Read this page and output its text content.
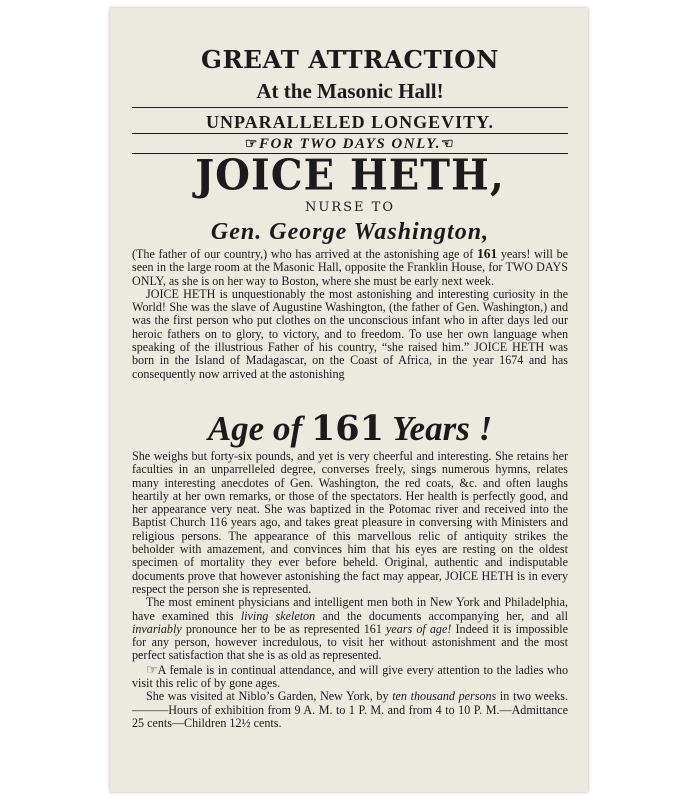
GREAT ATTRACTION
At the Masonic Hall!
UNPARALLELED LONGEVITY.
☞FOR TWO DAYS ONLY.☜
JOICE HETH,
NURSE TO
Gen. George Washington,

(The father of our country,) who has arrived at the astonishing age of 161 years! will be seen in the large room at the Masonic Hall, opposite the Franklin House, for TWO DAYS ONLY, as she is on her way to Boston, where she must be early next week.

JOICE HETH is unquestionably the most astonishing and interesting curiosity in the World! She was the slave of Augustine Washington, (the father of Gen. Washington,) and was the first person who put clothes on the unconscious infant who in after days led our heroic fathers on to glory, to victory, and to freedom. To use her own language when speaking of the illustrious Father of his country, “she raised him.” JOICE HETH was born in the Island of Madagascar, on the Coast of Africa, in the year 1674 and has consequently now arrived at the astonishing

Age of 161 Years !

She weighs but forty-six pounds, and yet is very cheerful and interesting. She retains her faculties in an unparrelleled degree, converses freely, sings numerous hymns, relates many interesting anecdotes of Gen. Washington, the red coats, &c. and often laughs heartily at her own remarks, or those of the spectators. Her health is perfectly good, and her appearance very neat. She was baptized in the Potomac river and received into the Baptist Church 116 years ago, and takes great pleasure in conversing with Ministers and religious persons. The appearance of this marvellous relic of antiquity strikes the beholder with amazement, and convinces him that his eyes are resting on the oldest specimen of mortality they ever before beheld. Original, authentic and indisputable documents prove that however astonishing the fact may appear, JOICE HETH is in every respect the person she is represented.

The most eminent physicians and intelligent men both in New York and Philadelphia, have examined this living skeleton and the documents accompanying her, and all invariably pronounce her to be as represented 161 years of age! Indeed it is impossible for any person, however incredulous, to visit her without astonishment and the most perfect satisfaction that she is as old as represented.

☞A female is in continual attendance, and will give every attention to the ladies who visit this relic of by gone ages.

She was visited at Niblo’s Garden, New York, by ten thousand persons in two weeks.———Hours of exhibition from 9 A. M. to 1 P. M. and from 4 to 10 P. M.—Admittance 25 cents—Children 12½ cents.
